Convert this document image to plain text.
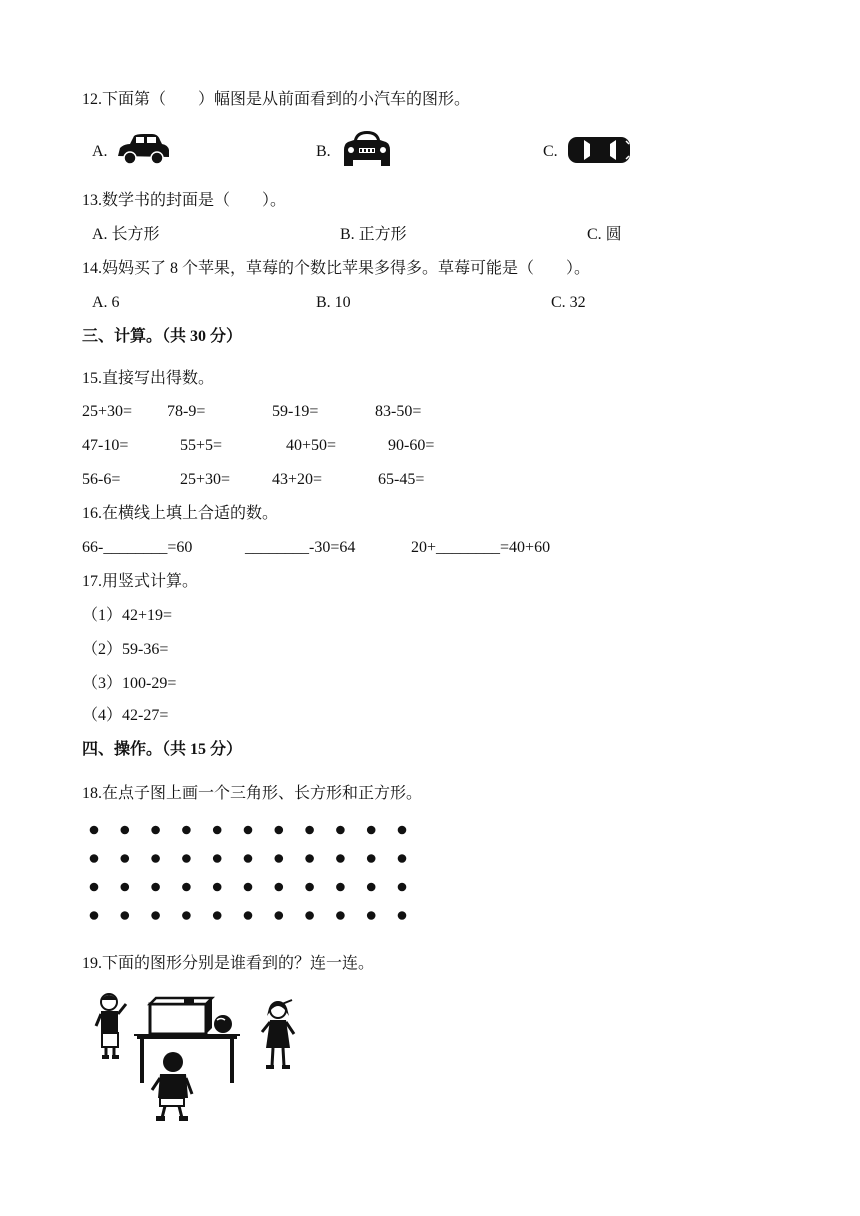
12.下面第（　　）幅图是从前面看到的小汽车的图形。
A.	B.	C.
13.数学书的封面是（　　）。
A. 长方形	B. 正方形	C. 圆
14.妈妈买了 8 个苹果，草莓的个数比苹果多得多。草莓可能是（　　）。
A. 6	B. 10	C. 32
三、计算。（共 30 分）
15.直接写出得数。
25+30= 78-9=	59-19=	83-50=
47-10=	55+5=	40+50=	90-60=
56-6=	25+30=	43+20=	65-45=
16.在横线上填上合适的数。
66-________=60	________-30=64	20+________=40+60
17.用竖式计算。
（1）42+19=
（2）59-36=
（3）100-29=
（4）42-27=
四、操作。（共 15 分）
18.在点子图上画一个三角形、长方形和正方形。
19.下面的图形分别是谁看到的？连一连。
